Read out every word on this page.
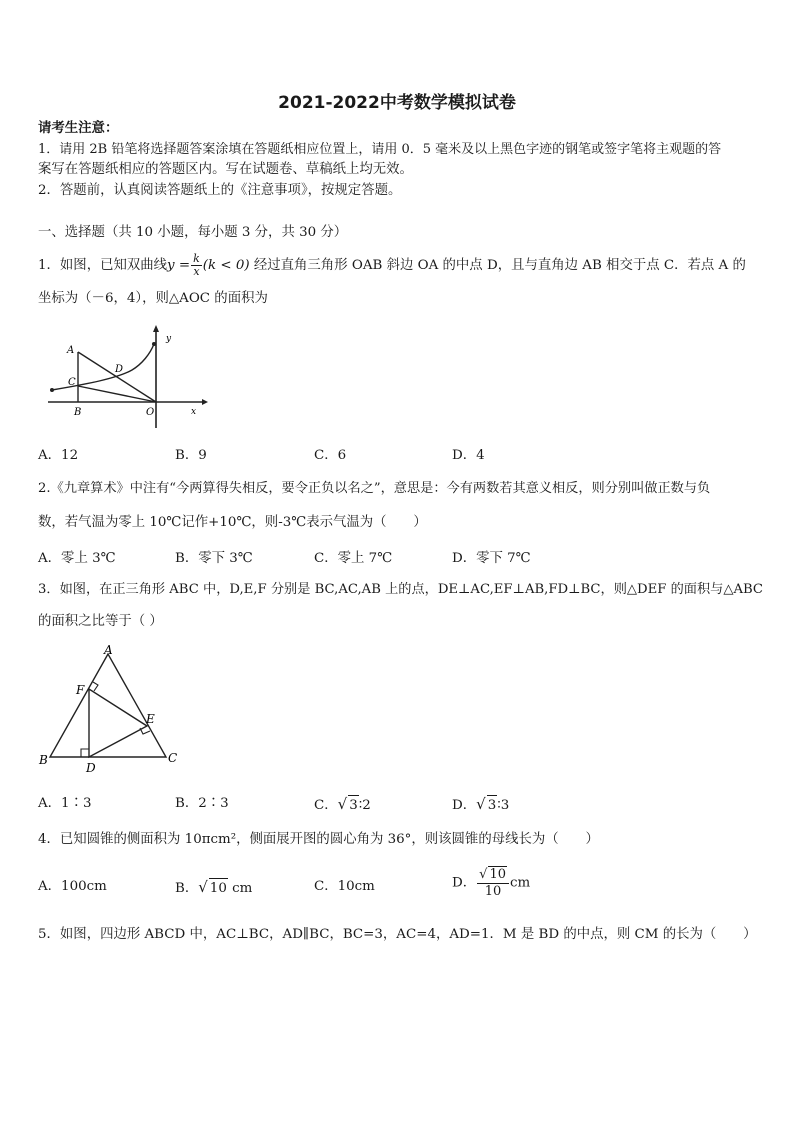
2021-2022中考数学模拟试卷
请考生注意：
1．请用 2B 铅笔将选择题答案涂填在答题纸相应位置上，请用 0．5 毫米及以上黑色字迹的钢笔或签字笔将主观题的答
案写在答题纸相应的答题区内。写在试题卷、草稿纸上均无效。
2．答题前，认真阅读答题纸上的《注意事项》，按规定答题。
一、选择题（共 10 小题，每小题 3 分，共 30 分）
1．如图，已知双曲线$y = \frac{k}{x} (k < 0)$ 经过直角三角形 OAB 斜边 OA 的中点 D，且与直角边 AB 相交于点 C．若点 A 的
坐标为（－6，4），则△AOC 的面积为
A
C
D
B	O	x
y
A．12	B．9	C．6	D．4
2.《九章算术》中注有“今两算得失相反，要令正负以名之”，意思是：今有两数若其意义相反，则分别叫做正数与负
数，若气温为零上 10℃记作+10℃，则-3℃表示气温为（　　）
A．零上 3℃	B．零下 3℃	C．零上 7℃	D．零下 7℃
3．如图，在正三角形 ABC 中，D,E,F 分别是 BC,AC,AB 上的点，DE⊥AC,EF⊥AB,FD⊥BC，则△DEF 的面积与△ABC
的面积之比等于（ ）
A
F
E
B
D
C
A．1∶3	B．2∶3	C．√ 3∶2	D．√ 3∶3
4．已知圆锥的侧面积为 10πcm²，侧面展开图的圆心角为 36°，则该圆锥的母线长为（　　）
A．100cm	B．√ 10 cm	C．10cm	D． $\frac{√ 10}{10}$ cm
5．如图，四边形 ABCD 中，AC⊥BC，AD∥BC，BC=3，AC=4，AD=1．M 是 BD 的中点，则 CM 的长为（　　）
